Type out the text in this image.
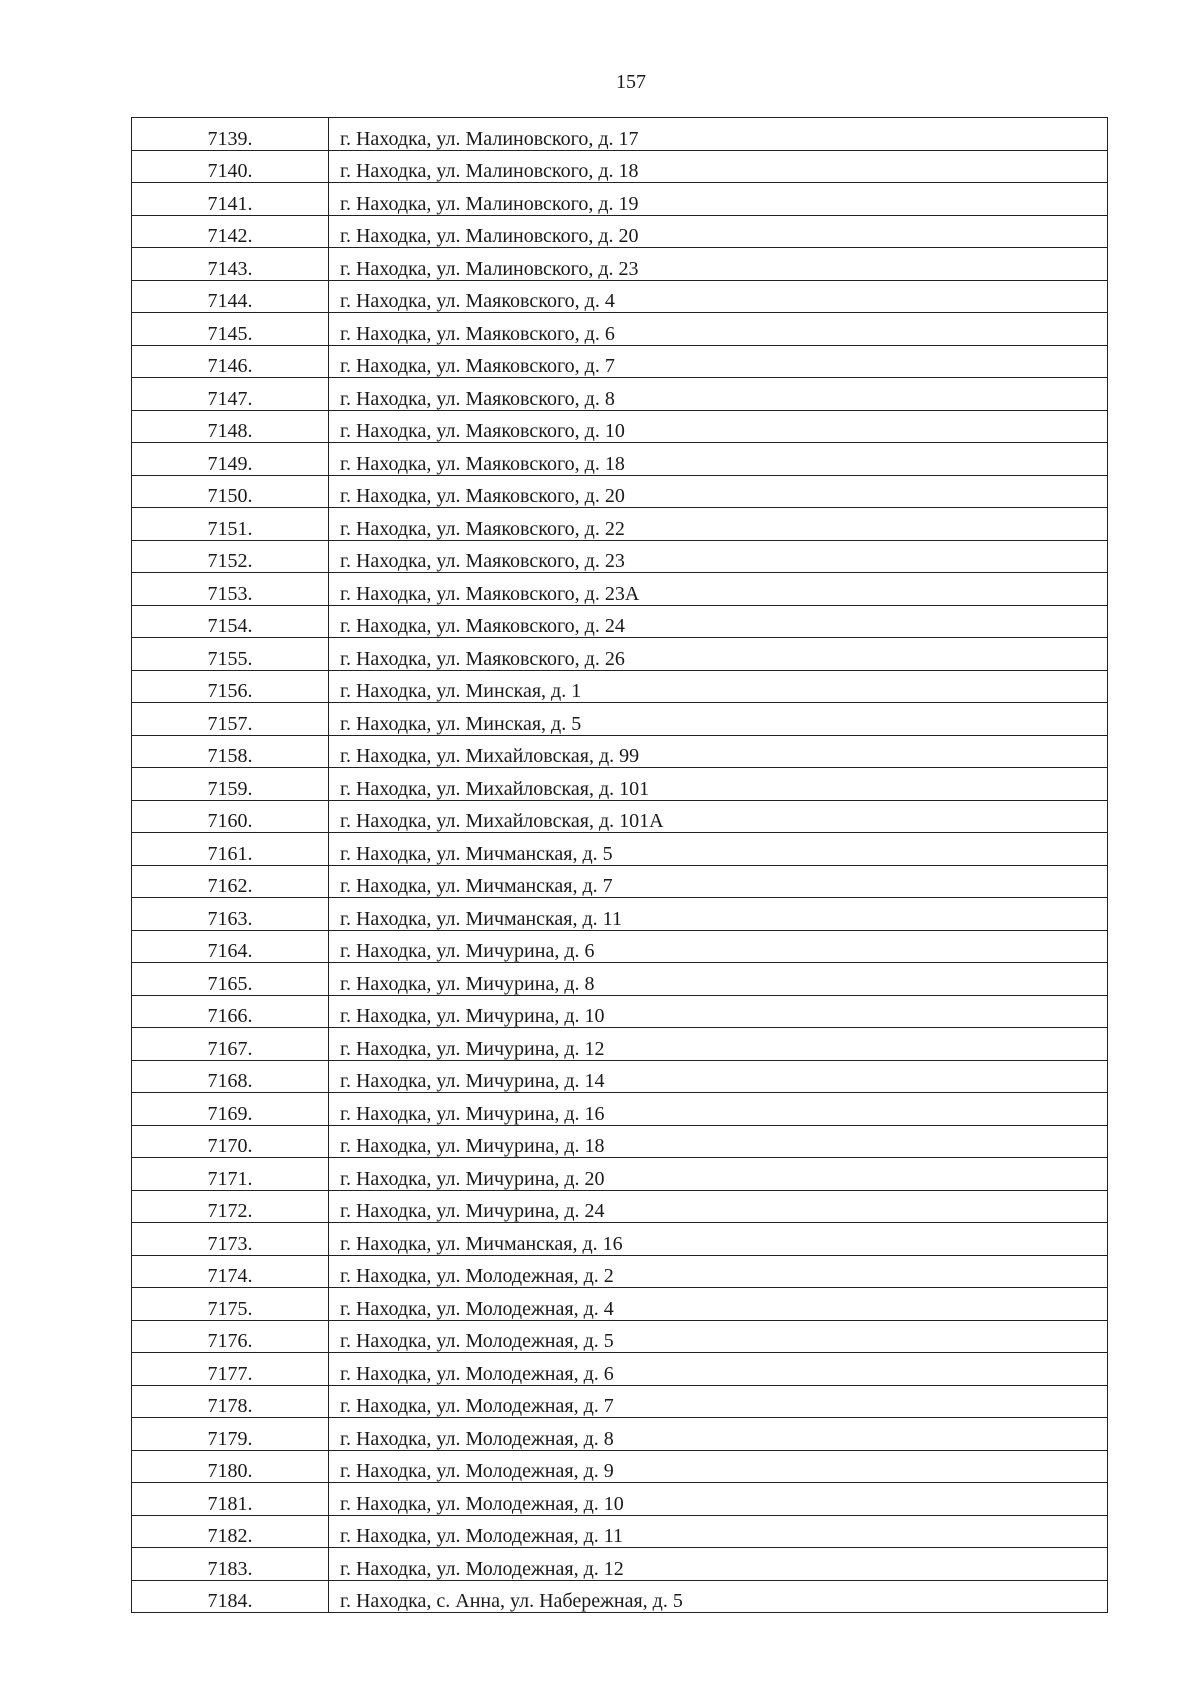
157
7139.	г. Находка, ул. Малиновского, д. 17
7140.	г. Находка, ул. Малиновского, д. 18
7141.	г. Находка, ул. Малиновского, д. 19
7142.	г. Находка, ул. Малиновского, д. 20
7143.	г. Находка, ул. Малиновского, д. 23
7144.	г. Находка, ул. Маяковского, д. 4
7145.	г. Находка, ул. Маяковского, д. 6
7146.	г. Находка, ул. Маяковского, д. 7
7147.	г. Находка, ул. Маяковского, д. 8
7148.	г. Находка, ул. Маяковского, д. 10
7149.	г. Находка, ул. Маяковского, д. 18
7150.	г. Находка, ул. Маяковского, д. 20
7151.	г. Находка, ул. Маяковского, д. 22
7152.	г. Находка, ул. Маяковского, д. 23
7153.	г. Находка, ул. Маяковского, д. 23А
7154.	г. Находка, ул. Маяковского, д. 24
7155.	г. Находка, ул. Маяковского, д. 26
7156.	г. Находка, ул. Минская, д. 1
7157.	г. Находка, ул. Минская, д. 5
7158.	г. Находка, ул. Михайловская, д. 99
7159.	г. Находка, ул. Михайловская, д. 101
7160.	г. Находка, ул. Михайловская, д. 101А
7161.	г. Находка, ул. Мичманская, д. 5
7162.	г. Находка, ул. Мичманская, д. 7
7163.	г. Находка, ул. Мичманская, д. 11
7164.	г. Находка, ул. Мичурина, д. 6
7165.	г. Находка, ул. Мичурина, д. 8
7166.	г. Находка, ул. Мичурина, д. 10
7167.	г. Находка, ул. Мичурина, д. 12
7168.	г. Находка, ул. Мичурина, д. 14
7169.	г. Находка, ул. Мичурина, д. 16
7170.	г. Находка, ул. Мичурина, д. 18
7171.	г. Находка, ул. Мичурина, д. 20
7172.	г. Находка, ул. Мичурина, д. 24
7173.	г. Находка, ул. Мичманская, д. 16
7174.	г. Находка, ул. Молодежная, д. 2
7175.	г. Находка, ул. Молодежная, д. 4
7176.	г. Находка, ул. Молодежная, д. 5
7177.	г. Находка, ул. Молодежная, д. 6
7178.	г. Находка, ул. Молодежная, д. 7
7179.	г. Находка, ул. Молодежная, д. 8
7180.	г. Находка, ул. Молодежная, д. 9
7181.	г. Находка, ул. Молодежная, д. 10
7182.	г. Находка, ул. Молодежная, д. 11
7183.	г. Находка, ул. Молодежная, д. 12
7184.	г. Находка, с. Анна, ул. Набережная, д. 5
